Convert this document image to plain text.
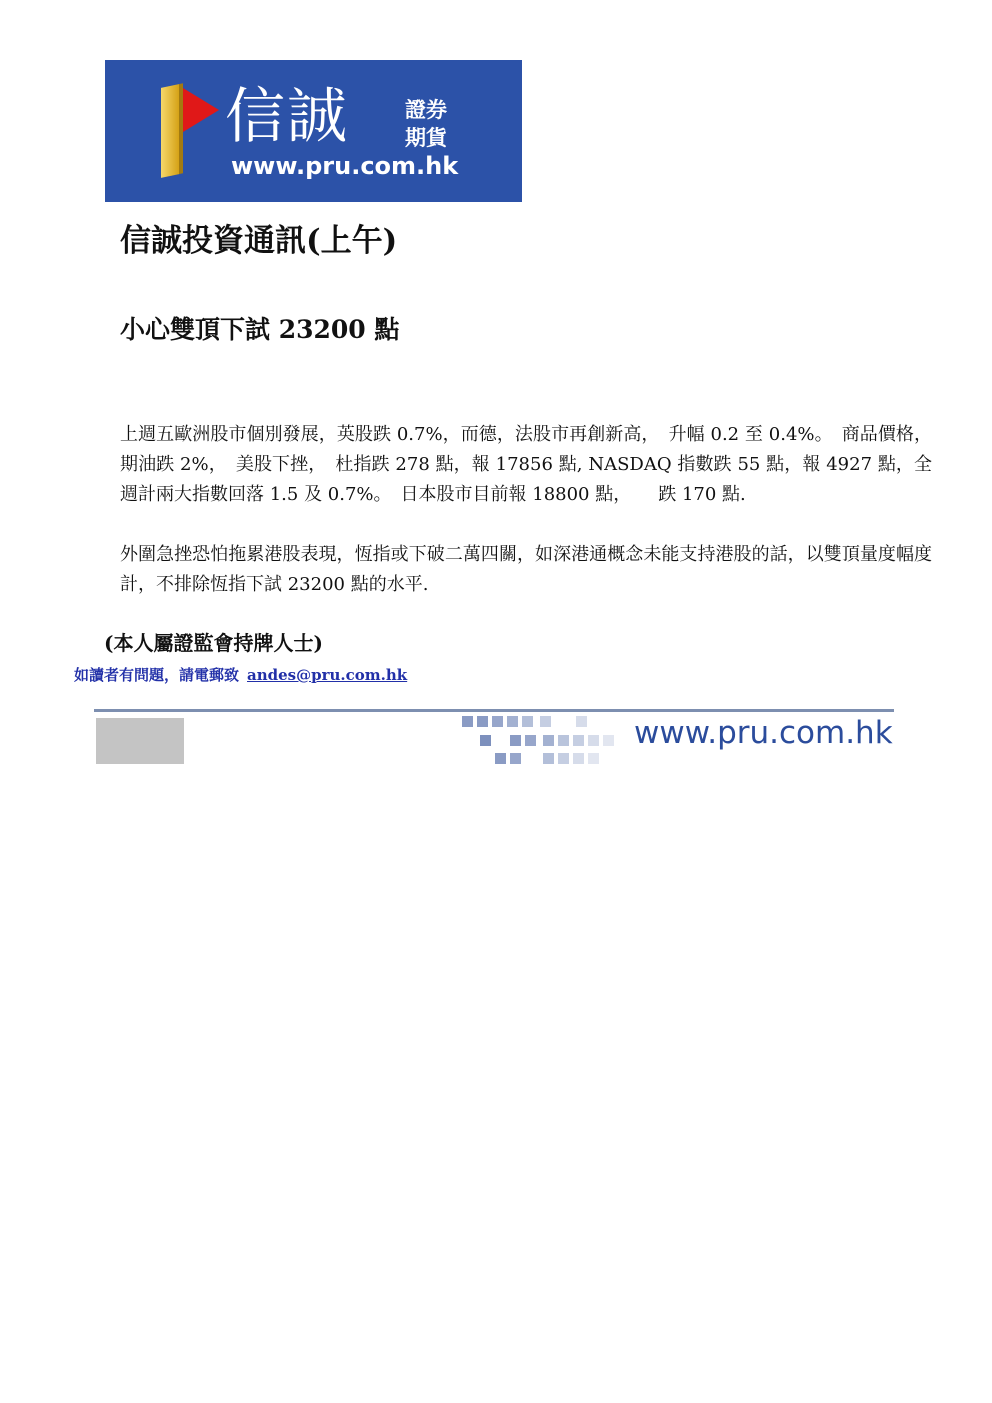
信誠	證券
期貨
www.pru.com.hk
信誠投資通訊(上午)
小心雙頂下試 23200 點

上週五歐洲股市個別發展，英股跌 0.7%，而德，法股市再創新高，　升幅 0.2 至 0.4%。　商品價格，期油跌 2%，　美股下挫，　杜指跌 278 點，報 17856 點, NASDAQ 指數跌 55 點，報 4927 點，全週計兩大指數回落 1.5 及 0.7%。　日本股市目前報 18800 點，　　跌 170 點.

外圍急挫恐怕拖累港股表現，恆指或下破二萬四關，如深港通概念未能支持港股的話，以雙頂量度幅度計，不排除恆指下試 23200 點的水平.

(本人屬證監會持牌人士)
如讀者有問題，請電郵致 andes@pru.com.hk
www.pru.com.hk
